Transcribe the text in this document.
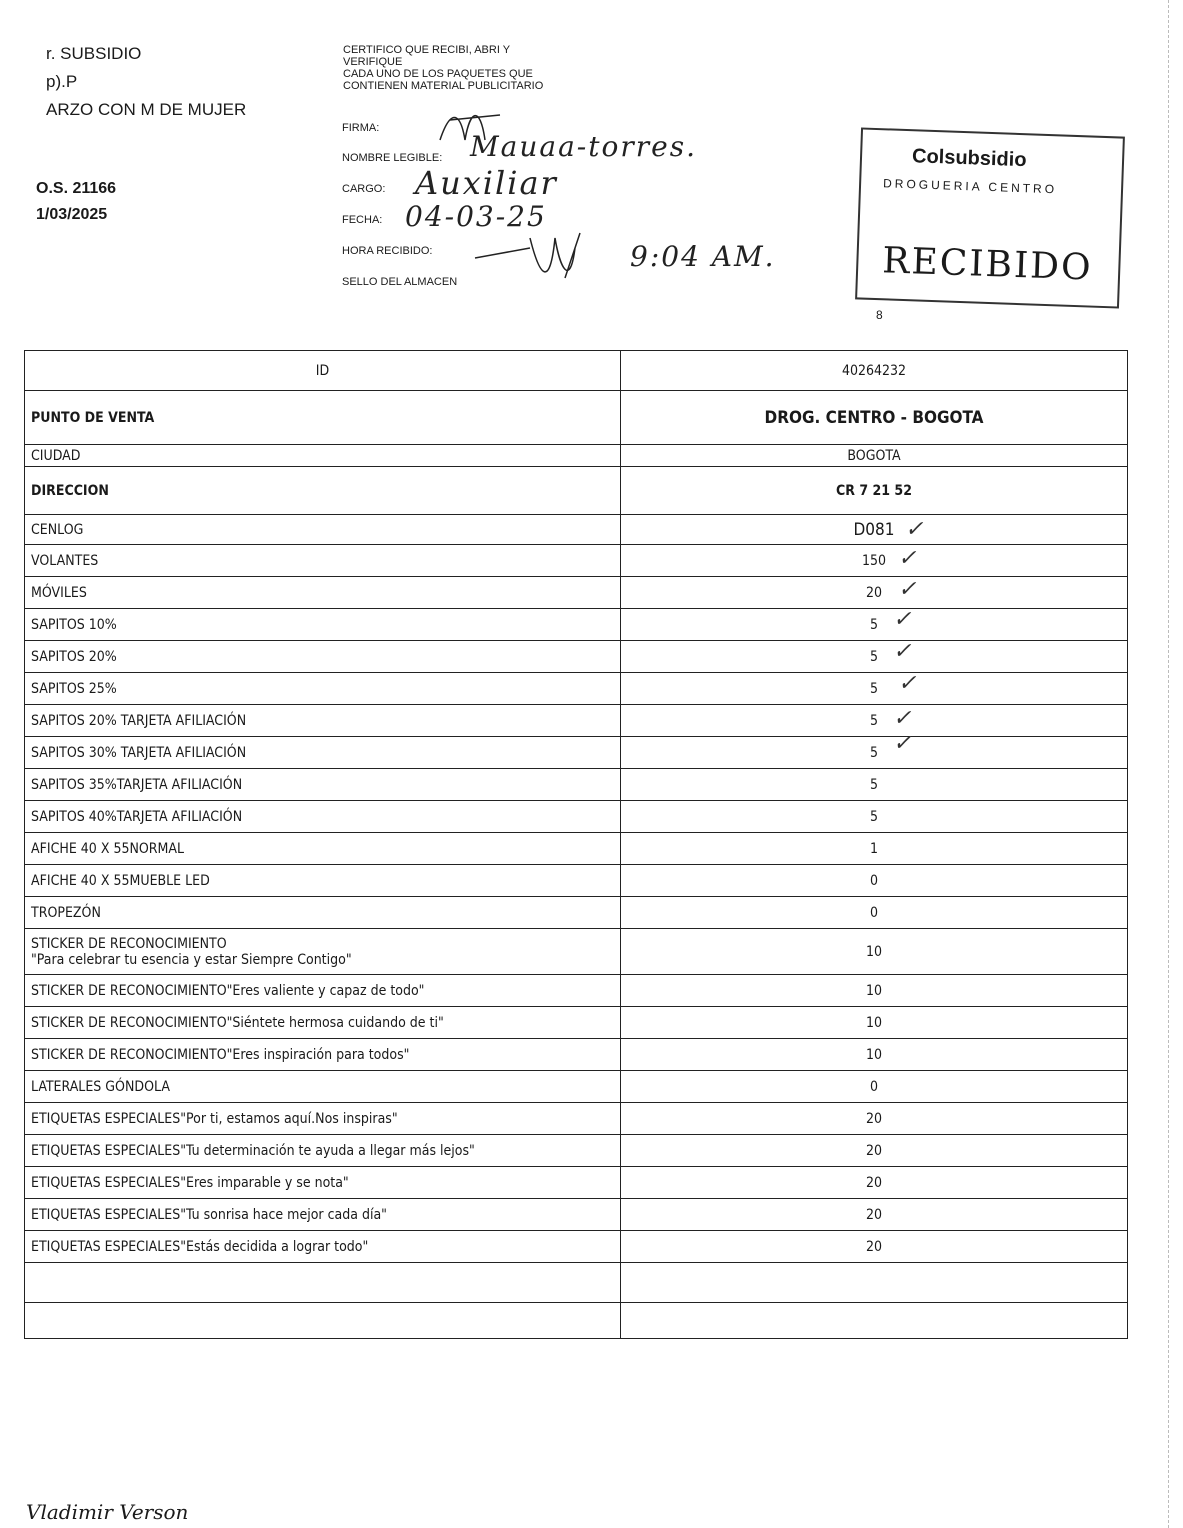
r. SUBSIDIO
p).P
ARZO CON M DE MUJER
O.S. 21166
1/03/2025
CERTIFICO QUE RECIBI, ABRI Y
VERIFIQUE
CADA UNO DE LOS PAQUETES QUE
CONTIENEN MATERIAL PUBLICITARIO
FIRMA:
NOMBRE LEGIBLE:
CARGO:
FECHA:
HORA RECIBIDO:
SELLO DEL ALMACEN
Mauaa-torres.
Auxiliar
04-03-25
9:04 AM.
Colsubsidio
DROGUERIA CENTRO
RECIBIDO
8
ID	40264232
PUNTO DE VENTA	DROG. CENTRO - BOGOTA
CIUDAD	BOGOTA
DIRECCION	CR 7 21 52
CENLOG	D081
VOLANTES	150
MÓVILES	20
SAPITOS 10%	5
SAPITOS 20%	5
SAPITOS 25%	5
SAPITOS 20% TARJETA AFILIACIÓN	5
SAPITOS 30% TARJETA AFILIACIÓN	5
SAPITOS 35%TARJETA AFILIACIÓN	5
SAPITOS 40%TARJETA AFILIACIÓN	5
AFICHE 40 X 55NORMAL	1
AFICHE 40 X 55MUEBLE LED	0
TROPEZÓN	0
STICKER DE RECONOCIMIENTO
"Para celebrar tu esencia y estar Siempre Contigo"	10
STICKER DE RECONOCIMIENTO"Eres valiente y capaz de todo"	10
STICKER DE RECONOCIMIENTO"Siéntete hermosa cuidando de ti"	10
STICKER DE RECONOCIMIENTO"Eres inspiración para todos"	10
LATERALES GÓNDOLA	0
ETIQUETAS ESPECIALES"Por ti, estamos aquí.Nos inspiras"	20
ETIQUETAS ESPECIALES"Tu determinación te ayuda a llegar más lejos"	20
ETIQUETAS ESPECIALES"Eres imparable y se nota"	20
ETIQUETAS ESPECIALES"Tu sonrisa hace mejor cada día"	20
ETIQUETAS ESPECIALES"Estás decidida a lograr todo"	20

✓
✓
✓
✓
✓
✓
✓
✓
Vladimir Verson
